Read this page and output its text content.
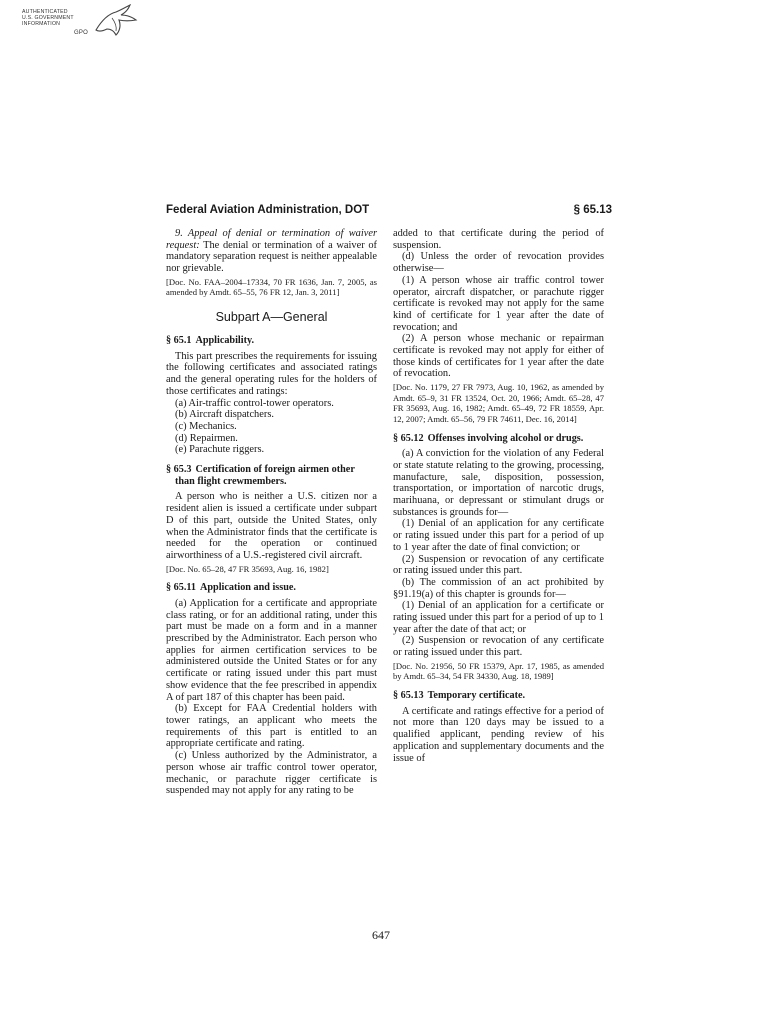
AUTHENTICATED
U.S. GOVERNMENT
INFORMATION
GPO
Federal Aviation Administration, DOT	§ 65.13

9. Appeal of denial or termination of waiver request: The denial or termination of a waiver of mandatory separation request is neither appealable nor grievable.

[Doc. No. FAA–2004–17334, 70 FR 1636, Jan. 7, 2005, as amended by Amdt. 65–55, 76 FR 12, Jan. 3, 2011]

Subpart A—General

§ 65.1 Applicability.

This part prescribes the requirements for issuing the following certificates and associated ratings and the general operating rules for the holders of those certificates and ratings:

(a) Air-traffic control-tower operators.

(b) Aircraft dispatchers.

(c) Mechanics.

(d) Repairmen.

(e) Parachute riggers.

§ 65.3 Certification of foreign airmen other than flight crewmembers.

A person who is neither a U.S. citizen nor a resident alien is issued a certificate under subpart D of this part, outside the United States, only when the Administrator finds that the certificate is needed for the operation or continued airworthiness of a U.S.-registered civil aircraft.

[Doc. No. 65–28, 47 FR 35693, Aug. 16, 1982]

§ 65.11 Application and issue.

(a) Application for a certificate and appropriate class rating, or for an additional rating, under this part must be made on a form and in a manner prescribed by the Administrator. Each person who applies for airmen certification services to be administered outside the United States or for any certificate or rating issued under this part must show evidence that the fee prescribed in appendix A of part 187 of this chapter has been paid.

(b) Except for FAA Credential holders with tower ratings, an applicant who meets the requirements of this part is entitled to an appropriate certificate and rating.

(c) Unless authorized by the Administrator, a person whose air traffic control tower operator, mechanic, or parachute rigger certificate is suspended may not apply for any rating to be

added to that certificate during the period of suspension.

(d) Unless the order of revocation provides otherwise—

(1) A person whose air traffic control tower operator, aircraft dispatcher, or parachute rigger certificate is revoked may not apply for the same kind of certificate for 1 year after the date of revocation; and

(2) A person whose mechanic or repairman certificate is revoked may not apply for either of those kinds of certificates for 1 year after the date of revocation.

[Doc. No. 1179, 27 FR 7973, Aug. 10, 1962, as amended by Amdt. 65–9, 31 FR 13524, Oct. 20, 1966; Amdt. 65–28, 47 FR 35693, Aug. 16, 1982; Amdt. 65–49, 72 FR 18559, Apr. 12, 2007; Amdt. 65–56, 79 FR 74611, Dec. 16, 2014]

§ 65.12 Offenses involving alcohol or drugs.

(a) A conviction for the violation of any Federal or state statute relating to the growing, processing, manufacture, sale, disposition, possession, transportation, or importation of narcotic drugs, marihuana, or depressant or stimulant drugs or substances is grounds for—

(1) Denial of an application for any certificate or rating issued under this part for a period of up to 1 year after the date of final conviction; or

(2) Suspension or revocation of any certificate or rating issued under this part.

(b) The commission of an act prohibited by §91.19(a) of this chapter is grounds for—

(1) Denial of an application for a certificate or rating issued under this part for a period of up to 1 year after the date of that act; or

(2) Suspension or revocation of any certificate or rating issued under this part.

[Doc. No. 21956, 50 FR 15379, Apr. 17, 1985, as amended by Amdt. 65–34, 54 FR 34330, Aug. 18, 1989]

§ 65.13 Temporary certificate.

A certificate and ratings effective for a period of not more than 120 days may be issued to a qualified applicant, pending review of his application and supplementary documents and the issue of

647
